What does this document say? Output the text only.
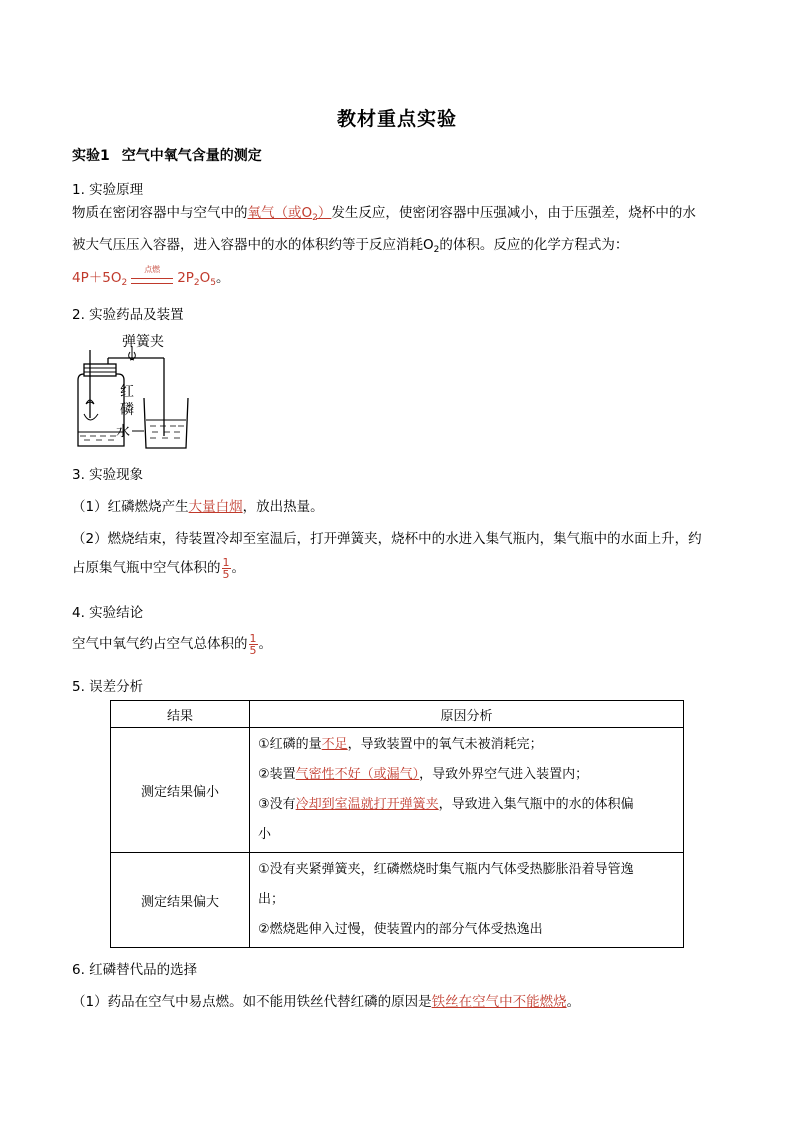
教材重点实验
实验1 空气中氧气含量的测定
1. 实验原理
物质在密闭容器中与空气中的氧气（或$O_2$）发生反应，使密闭容器中压强减小，由于压强差，烧杯中的水
被大气压压入容器，进入容器中的水的体积约等于反应消耗$O_2$的体积。反应的化学方程式为：
$4P+5O_2$
点燃
$2P_2O_5$。
2. 实验药品及装置
弹簧夹
红
磷
水
3. 实验现象
（1）红磷燃烧产生大量白烟，放出热量。
（2）燃烧结束，待装置冷却至室温后，打开弹簧夹，烧杯中的水进入集气瓶内，集气瓶中的水面上升，约
占原集气瓶中空气体积的 $\frac{1}{5}$ 。
4. 实验结论
空气中氧气约占空气总体积的 $\frac{1}{5}$ 。
5. 误差分析
结果	原因分析
测定结果偏小	①红磷的量不足，导致装置中的氧气未被消耗完；
②装置气密性不好（或漏气），导致外界空气进入装置内；
③没有冷却到室温就打开弹簧夹，导致进入集气瓶中的水的体积偏
小

测定结果偏大	①没有夹紧弹簧夹，红磷燃烧时集气瓶内气体受热膨胀沿着导管逸
出；
②燃烧匙伸入过慢，使装置内的部分气体受热逸出
6. 红磷替代品的选择
（1）药品在空气中易点燃。如不能用铁丝代替红磷的原因是铁丝在空气中不能燃烧。
